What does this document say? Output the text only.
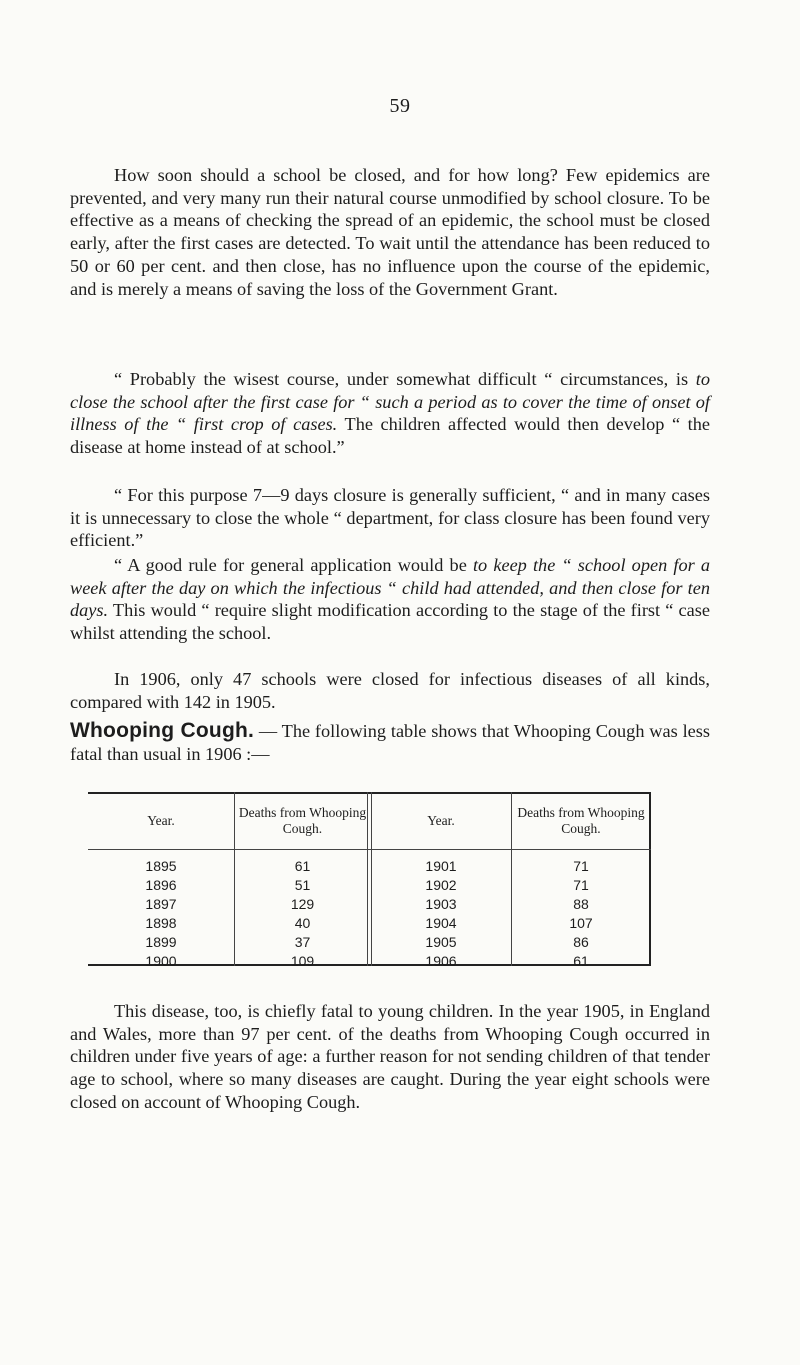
59

How soon should a school be closed, and for how long? Few epidemics are prevented, and very many run their natural course unmodified by school closure. To be effective as a means of checking the spread of an epidemic, the school must be closed early, after the first cases are detected. To wait until the attendance has been reduced to 50 or 60 per cent. and then close, has no influence upon the course of the epidemic, and is merely a means of saving the loss of the Government Grant.

“ Probably the wisest course, under somewhat difficult “ circumstances, is to close the school after the first case for “ such a period as to cover the time of onset of illness of the “ first crop of cases. The children affected would then develop “ the disease at home instead of at school.”

“ For this purpose 7—9 days closure is generally sufficient, “ and in many cases it is unnecessary to close the whole “ department, for class closure has been found very efficient.”

“ A good rule for general application would be to keep the “ school open for a week after the day on which the infectious “ child had attended, and then close for ten days. This would “ require slight modification according to the stage of the first “ case whilst attending the school.

In 1906, only 47 schools were closed for infectious diseases of all kinds, compared with 142 in 1905.

Whooping Cough. — The following table shows that Whooping Cough was less fatal than usual in 1906 :—

Year.	Deaths from Whooping Cough.	Year.	Deaths from Whooping Cough.
1895	61	1901	71
1896	51	1902	71
1897	129	1903	88
1898	40	1904	107
1899	37	1905	86
1900	109	1906	61

This disease, too, is chiefly fatal to young children. In the year 1905, in England and Wales, more than 97 per cent. of the deaths from Whooping Cough occurred in children under five years of age: a further reason for not sending children of that tender age to school, where so many diseases are caught. During the year eight schools were closed on account of Whooping Cough.
